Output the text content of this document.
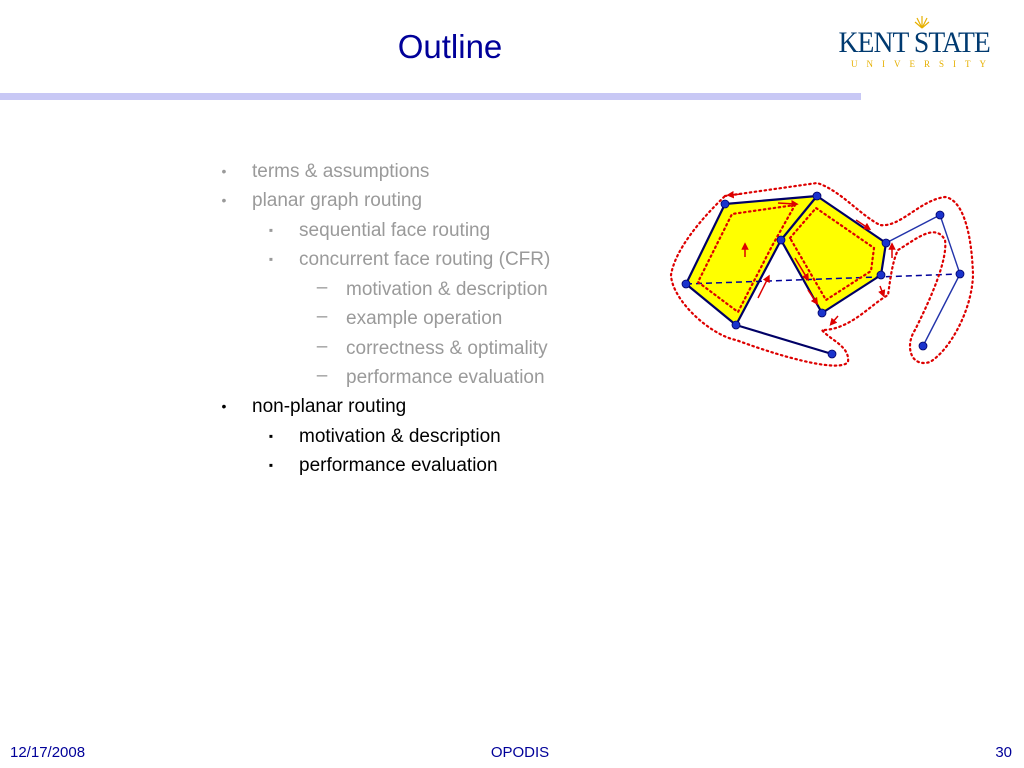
Outline	KENT STATE
UNIVERSITY
•	terms & assumptions
•	planar graph routing
▪	sequential face routing
▪	concurrent face routing (CFR)
– motivation & description
– example operation
– correctness & optimality
– performance evaluation
•	non-planar routing
▪	motivation & description
▪	performance evaluation
12/17/2008	OPODIS	30
